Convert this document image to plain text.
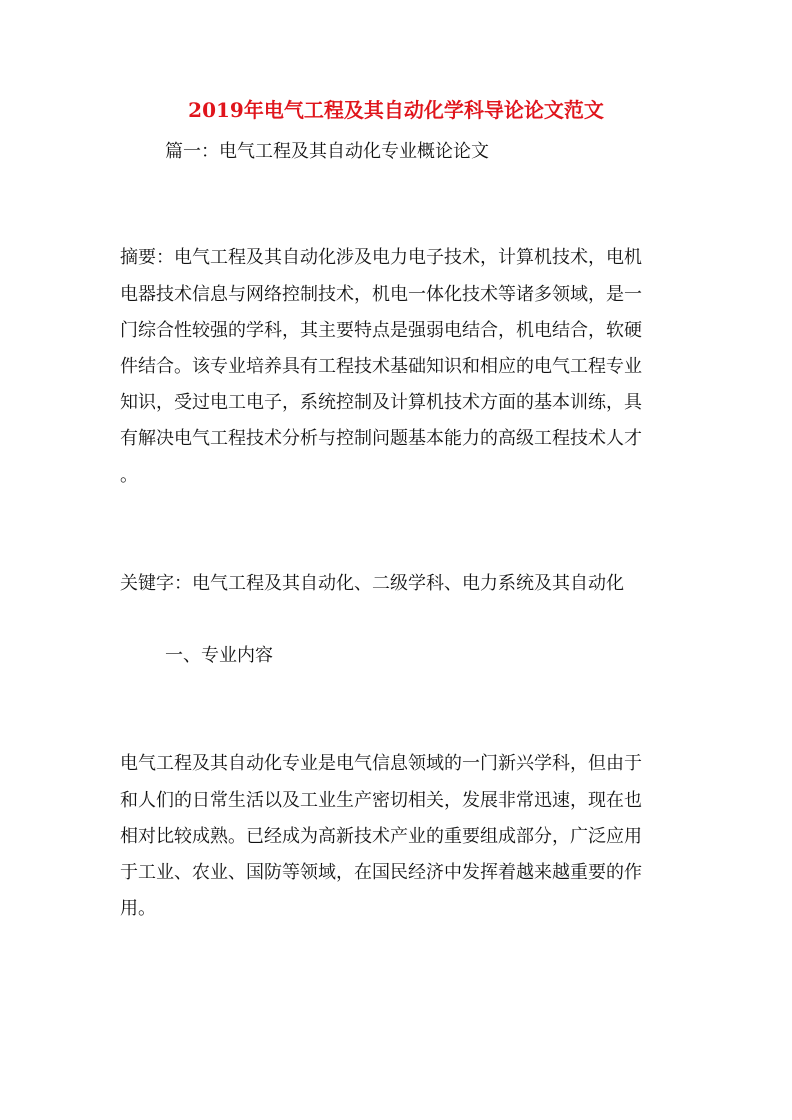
2019年电气工程及其自动化学科导论论文范文
篇一：电气工程及其自动化专业概论论文
摘要：电气工程及其自动化涉及电力电子技术，计算机技术，电机
电器技术信息与网络控制技术，机电一体化技术等诸多领域，是一
门综合性较强的学科，其主要特点是强弱电结合，机电结合，软硬
件结合。该专业培养具有工程技术基础知识和相应的电气工程专业
知识，受过电工电子，系统控制及计算机技术方面的基本训练，具
有解决电气工程技术分析与控制问题基本能力的高级工程技术人才
。
关键字：电气工程及其自动化、二级学科、电力系统及其自动化
一、专业内容
电气工程及其自动化专业是电气信息领域的一门新兴学科，但由于
和人们的日常生活以及工业生产密切相关，发展非常迅速，现在也
相对比较成熟。已经成为高新技术产业的重要组成部分，广泛应用
于工业、农业、国防等领域，在国民经济中发挥着越来越重要的作
用。
